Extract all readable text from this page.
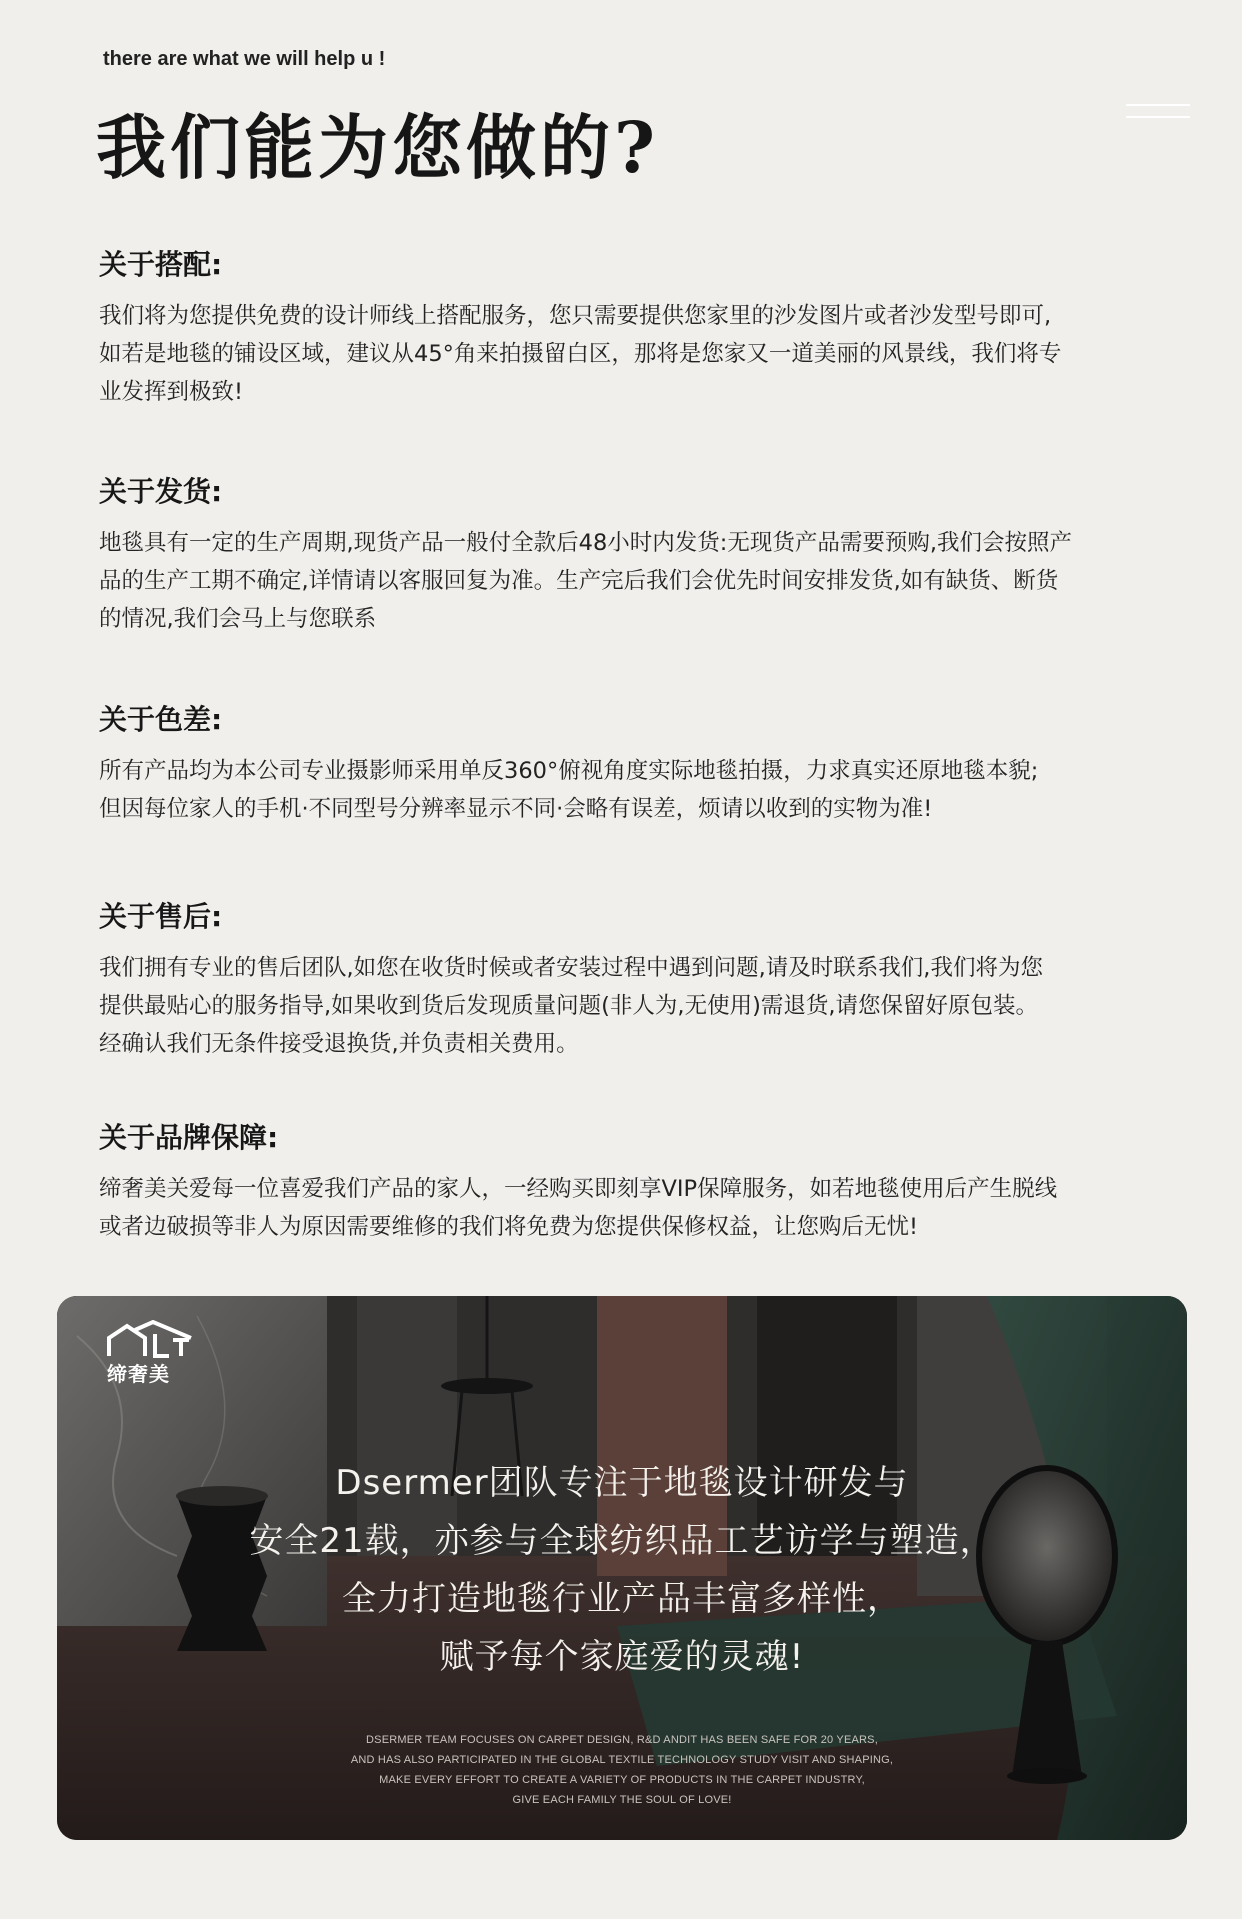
there are what we will help u !
我们能为您做的?
关于搭配:

我们将为您提供免费的设计师线上搭配服务，您只需要提供您家里的沙发图片或者沙发型号即可,
如若是地毯的铺设区域，建议从45°角来拍摄留白区，那将是您家又一道美丽的风景线，我们将专
业发挥到极致!

关于发货:

地毯具有一定的生产周期,现货产品一般付全款后48小时内发货:无现货产品需要预购,我们会按照产
品的生产工期不确定,详情请以客服回复为准。生产完后我们会优先时间安排发货,如有缺货、断货
的情况,我们会马上与您联系

关于色差:

所有产品均为本公司专业摄影师采用单反360°俯视角度实际地毯拍摄，力求真实还原地毯本貌;
但因每位家人的手机·不同型号分辨率显示不同·会略有误差，烦请以收到的实物为准!

关于售后:

我们拥有专业的售后团队,如您在收货时候或者安装过程中遇到问题,请及时联系我们,我们将为您
提供最贴心的服务指导,如果收到货后发现质量问题(非人为,无使用)需退货,请您保留好原包装。
经确认我们无条件接受退换货,并负责相关费用。

关于品牌保障:

缔奢美关爱每一位喜爱我们产品的家人，一经购买即刻享VIP保障服务，如若地毯使用后产生脱线
或者边破损等非人为原因需要维修的我们将免费为您提供保修权益，让您购后无忧!

缔奢美
Dsermer团队专注于地毯设计研发与
安全21载，亦参与全球纺织品工艺访学与塑造，
全力打造地毯行业产品丰富多样性，
赋予每个家庭爱的灵魂!
DSERMER TEAM FOCUSES ON CARPET DESIGN, R&D ANDIT HAS BEEN SAFE FOR 20 YEARS,
AND HAS ALSO PARTICIPATED IN THE GLOBAL TEXTILE TECHNOLOGY STUDY VISIT AND SHAPING,
MAKE EVERY EFFORT TO CREATE A VARIETY OF PRODUCTS IN THE CARPET INDUSTRY,
GIVE EACH FAMILY THE SOUL OF LOVE!
